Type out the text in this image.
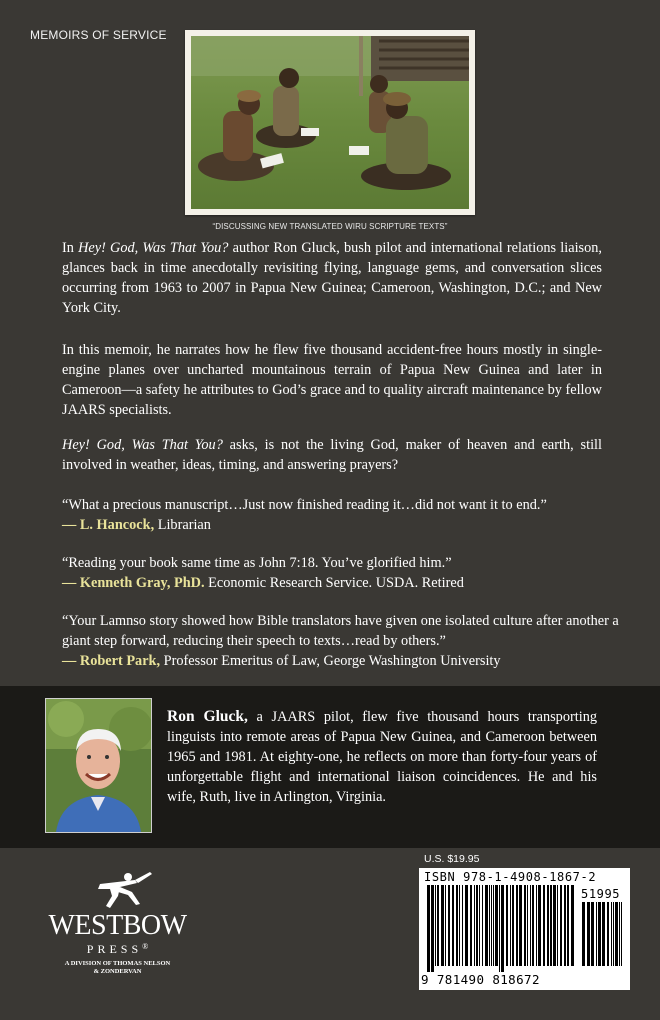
MEMOIRS OF SERVICE
“DISCUSSING NEW TRANSLATED WIRU SCRIPTURE TEXTS”
In Hey! God, Was That You? author Ron Gluck, bush pilot and international relations liaison, glances back in time anecdotally revisiting flying, language gems, and conversation slices occurring from 1963 to 2007 in Papua New Guinea; Cameroon, Washington, D.C.; and New York City.
In this memoir, he narrates how he flew five thousand accident-free hours mostly in single- engine planes over uncharted mountainous terrain of Papua New Guinea and later in Cameroon—a safety he attributes to God’s grace and to quality aircraft maintenance by fellow JAARS specialists.
Hey! God, Was That You? asks, is not the living God, maker of heaven and earth, still involved in weather, ideas, timing, and answering prayers?
“What a precious manuscript…Just now finished reading it…did not want it to end.”
— L. Hancock, Librarian
“Reading your book same time as John 7:18. You’ve glorified him.”
— Kenneth Gray, PhD. Economic Research Service. USDA. Retired
“Your Lamnso story showed how Bible translators have given one isolated culture after another a giant step forward, reducing their speech to texts…read by others.”
— Robert Park, Professor Emeritus of Law, George Washington University
Ron Gluck, a JAARS pilot, flew five thousand hours transporting linguists into remote areas of Papua New Guinea, and Cameroon between 1965 and 1981. At eighty-one, he reflects on more than forty-four years of unforgettable flight and international liaison coincidences. He and his wife, Ruth, live in Arlington, Virginia.
WESTBOW
PRESS®
A DIVISION OF THOMAS NELSON
& ZONDERVAN
U.S. $19.95
ISBN 978-1-4908-1867-2
51995
9 781490 818672
